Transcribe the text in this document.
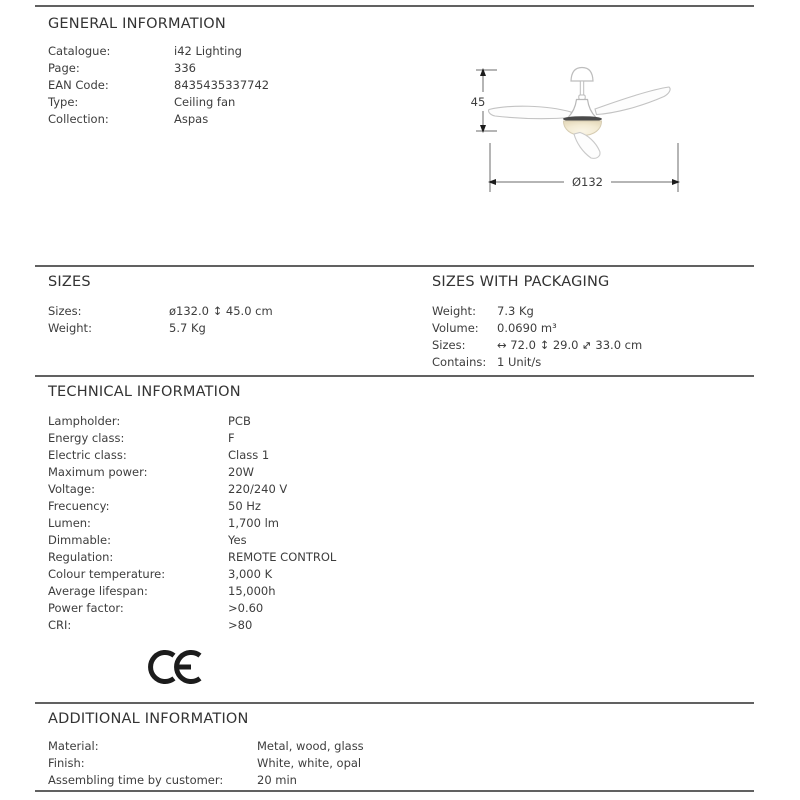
GENERAL INFORMATION
Catalogue:	i42 Lighting
Page:	336
EAN Code:	8435435337742
Type:	Ceiling fan
Collection:	Aspas
45
Ø132
SIZES
Sizes:	ø132.0 ↕ 45.0 cm
Weight:	5.7 Kg
SIZES WITH PACKAGING
Weight:	7.3 Kg
Volume:	0.0690 m³
Sizes:	↔ 72.0 ↕ 29.0 ↔ 33.0 cm
Contains: 1 Unit/s
TECHNICAL INFORMATION
Lampholder:	PCB
Energy class:	F
Electric class:	Class 1
Maximum power:	20W
Voltage:	220/240 V
Frecuency:	50 Hz
Lumen:	1,700 lm
Dimmable:	Yes
Regulation:	REMOTE CONTROL
Colour temperature:	3,000 K
Average lifespan:	15,000h
Power factor:	>0.60
CRI:	>80
ADDITIONAL INFORMATION
Material:	Metal, wood, glass
Finish:	White, white, opal
Assembling time by customer:	20 min
